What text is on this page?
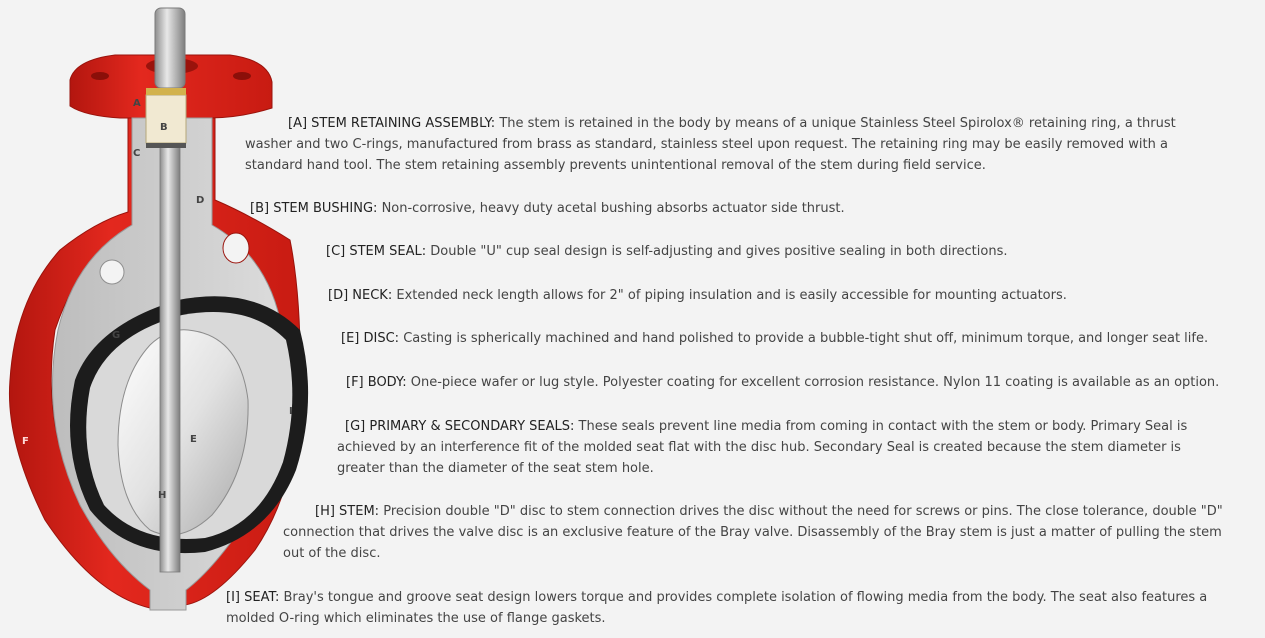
A
B
C
D
E
F
G
H
I

[A] STEM RETAINING ASSEMBLY: The stem is retained in the body by means of a unique Stainless Steel Spirolox® retaining ring, a thrust washer and two C-rings, manufactured from brass as standard, stainless steel upon request. The retaining ring may be easily removed with a standard hand tool. The stem retaining assembly prevents unintentional removal of the stem during field service.

[B] STEM BUSHING: Non-corrosive, heavy duty acetal bushing absorbs actuator side thrust.

[C] STEM SEAL: Double "U" cup seal design is self-adjusting and gives positive sealing in both directions.

[D] NECK: Extended neck length allows for 2" of piping insulation and is easily accessible for mounting actuators.

[E] DISC: Casting is spherically machined and hand polished to provide a bubble-tight shut off, minimum torque, and longer seat life.

[F] BODY: One-piece wafer or lug style. Polyester coating for excellent corrosion resistance. Nylon 11 coating is available as an option.

[G] PRIMARY & SECONDARY SEALS: These seals prevent line media from coming in contact with the stem or body. Primary Seal is achieved by an interference fit of the molded seat flat with the disc hub. Secondary Seal is created because the stem diameter is greater than the diameter of the seat stem hole.

[H] STEM: Precision double "D" disc to stem connection drives the disc without the need for screws or pins. The close tolerance, double "D" connection that drives the valve disc is an exclusive feature of the Bray valve. Disassembly of the Bray stem is just a matter of pulling the stem out of the disc.

[I] SEAT: Bray's tongue and groove seat design lowers torque and provides complete isolation of flowing media from the body. The seat also features a molded O-ring which eliminates the use of flange gaskets.
